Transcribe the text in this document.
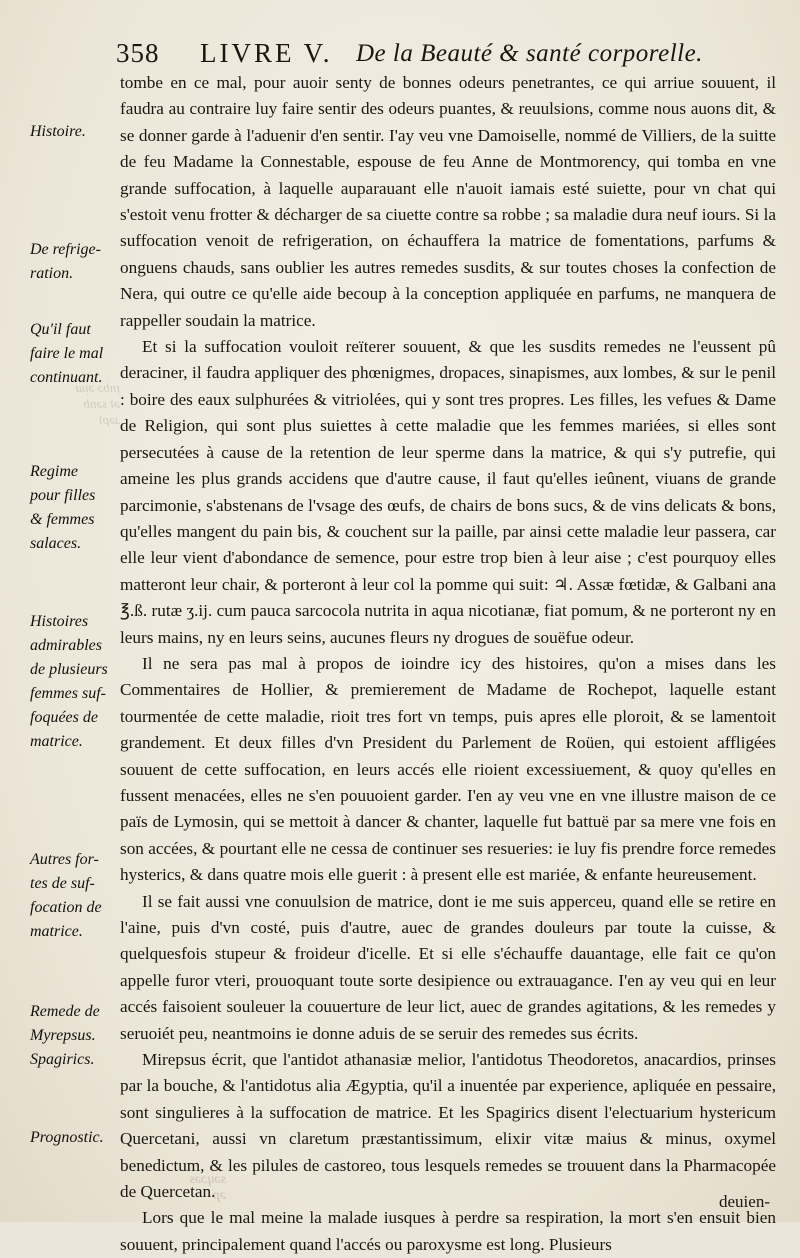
358 LIVRE V. De la Beauté & santé corporelle.
Histoire.
De refrige-
ration.
Qu'il faut
faire le mal
continuant.
ᴉnbɔ ǝᴉɯ
ǝʇ sǝnb
ɹǝpʇ
Regime
pour filles
& femmes
salaces.
Histoires
admirables
de plusieurs
femmes suf-
foquées de
matrice.
Autres for-
tes de suf-
focation de
matrice.
Remede de
Myrepsus.
Spagirics.
Prognostic.

tombe en ce mal, pour auoir senty de bonnes odeurs penetrantes, ce qui arriue souuent, il faudra au contraire luy faire sentir des odeurs puantes, & reuulsions, comme nous auons dit, & se donner garde à l'aduenir d'en sentir. I'ay veu vne Damoiselle, nommé de Villiers, de la suitte de feu Madame la Connestable, espouse de feu Anne de Montmorency, qui tomba en vne grande suffocation, à laquelle auparauant elle n'auoit iamais esté suiette, pour vn chat qui s'estoit venu frotter & décharger de sa ciuette contre sa robbe ; sa maladie dura neuf iours. Si la suffocation venoit de refrigeration, on échauffera la matrice de fomentations, parfums & onguens chauds, sans oublier les autres remedes susdits, & sur toutes choses la confection de Nera, qui outre ce qu'elle aide becoup à la conception appliquée en parfums, ne manquera de rappeller soudain la matrice.

Et si la suffocation vouloit reïterer souuent, & que les susdits remedes ne l'eussent pû deraciner, il faudra appliquer des phœnigmes, dropaces, sinapismes, aux lombes, & sur le penil : boire des eaux sulphurées & vitriolées, qui y sont tres propres. Les filles, les vefues & Dame de Religion, qui sont plus suiettes à cette maladie que les femmes mariées, si elles sont persecutées à cause de la retention de leur sperme dans la matrice, & qui s'y putrefie, qui ameine les plus grands accidens que d'autre cause, il faut qu'elles ieûnent, viuans de grande parcimonie, s'abstenans de l'vsage des œufs, de chairs de bons sucs, & de vins delicats & bons, qu'elles mangent du pain bis, & couchent sur la paille, par ainsi cette maladie leur passera, car elle leur vient d'abondance de semence, pour estre trop bien à leur aise ; c'est pourquoy elles matteront leur chair, & porteront à leur col la pomme qui suit: ♃. Assæ fœtidæ, & Galbani ana ℥.ß. rutæ ʒ.ij. cum pauca sarcocola nutrita in aqua nicotianæ, fiat pomum, & ne porteront ny en leurs mains, ny en leurs seins, aucunes fleurs ny drogues de souëfue odeur.

Il ne sera pas mal à propos de ioindre icy des histoires, qu'on a mises dans les Commentaires de Hollier, & premierement de Madame de Rochepot, laquelle estant tourmentée de cette maladie, rioit tres fort vn temps, puis apres elle ploroit, & se lamentoit grandement. Et deux filles d'vn President du Parlement de Roüen, qui estoient affligées souuent de cette suffocation, en leurs accés elle rioient excessiuement, & quoy qu'elles en fussent menacées, elles ne s'en pouuoient garder. I'en ay veu vne en vne illustre maison de ce païs de Lymosin, qui se mettoit à dancer & chanter, laquelle fut battuë par sa mere vne fois en son accées, & pourtant elle ne cessa de continuer ses resueries: ie luy fis prendre force remedes hysterics, & dans quatre mois elle guerit : à present elle est mariée, & enfante heureusement.

Il se fait aussi vne conuulsion de matrice, dont ie me suis apperceu, quand elle se retire en l'aine, puis d'vn costé, puis d'autre, auec de grandes douleurs par toute la cuisse, & quelquesfois stupeur & froideur d'icelle. Et si elle s'échauffe dauantage, elle fait ce qu'on appelle furor vteri, prouoquant toute sorte desipience ou extrauagance. I'en ay veu qui en leur accés faisoient souleuer la couuerture de leur lict, auec de grandes agitations, & les remedes y seruoiét peu, neantmoins ie donne aduis de se seruir des remedes sus écrits.

Mirepsus écrit, que l'antidot athanasiæ melior, l'antidotus Theodoretos, anacardios, prinses par la bouche, & l'antidotus alia Ægyptia, qu'il a inuentée par experience, apliquée en pessaire, sont singulieres à la suffocation de matrice. Et les Spagirics disent l'electuarium hystericum Quercetani, aussi vn claretum præstantissimum, elixir vitæ maius & minus, oxymel benedictum, & les pilules de castoreo, tous lesquels remedes se trouuent dans la Pharmacopée de Quercetan.

Lors que le mal meine la malade iusques à perdre sa respiration, la mort s'en ensuit bien souuent, principalement quand l'accés ou paroxysme est long. Plusieurs

sǝɥɔǝs
ǝp	deuien-
